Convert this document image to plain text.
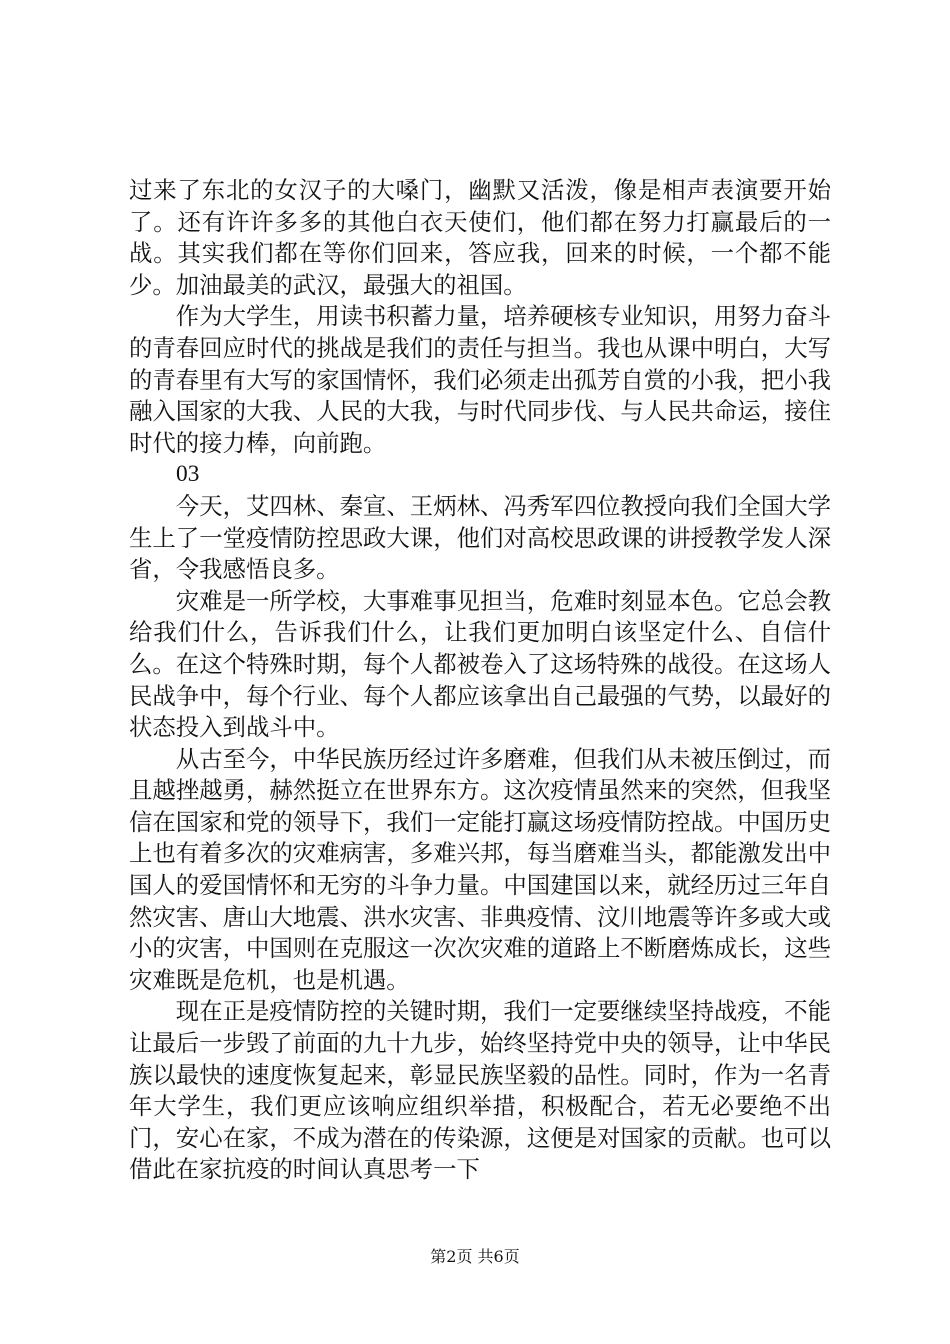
过来了东北的女汉子的大嗓门，幽默又活泼，像是相声表演要开始了。还有许许多多的其他白衣天使们，他们都在努力打赢最后的一战。其实我们都在等你们回来，答应我，回来的时候，一个都不能少。加油最美的武汉，最强大的祖国。

作为大学生，用读书积蓄力量，培养硬核专业知识，用努力奋斗的青春回应时代的挑战是我们的责任与担当。我也从课中明白，大写的青春里有大写的家国情怀，我们必须走出孤芳自赏的小我，把小我融入国家的大我、人民的大我，与时代同步伐、与人民共命运，接住时代的接力棒，向前跑。

03

今天，艾四林、秦宣、王炳林、冯秀军四位教授向我们全国大学生上了一堂疫情防控思政大课，他们对高校思政课的讲授教学发人深省，令我感悟良多。

灾难是一所学校，大事难事见担当，危难时刻显本色。它总会教给我们什么，告诉我们什么，让我们更加明白该坚定什么、自信什么。在这个特殊时期，每个人都被卷入了这场特殊的战役。在这场人民战争中，每个行业、每个人都应该拿出自己最强的气势，以最好的状态投入到战斗中。

从古至今，中华民族历经过许多磨难，但我们从未被压倒过，而且越挫越勇，赫然挺立在世界东方。这次疫情虽然来的突然，但我坚信在国家和党的领导下，我们一定能打赢这场疫情防控战。中国历史上也有着多次的灾难病害，多难兴邦，每当磨难当头，都能激发出中国人的爱国情怀和无穷的斗争力量。中国建国以来，就经历过三年自然灾害、唐山大地震、洪水灾害、非典疫情、汶川地震等许多或大或小的灾害，中国则在克服这一次次灾难的道路上不断磨炼成长，这些灾难既是危机，也是机遇。

现在正是疫情防控的关键时期，我们一定要继续坚持战疫，不能让最后一步毁了前面的九十九步，始终坚持党中央的领导，让中华民族以最快的速度恢复起来，彰显民族坚毅的品性。同时，作为一名青年大学生，我们更应该响应组织举措，积极配合，若无必要绝不出门，安心在家，不成为潜在的传染源，这便是对国家的贡献。也可以借此在家抗疫的时间认真思考一下

第2页 共6页
